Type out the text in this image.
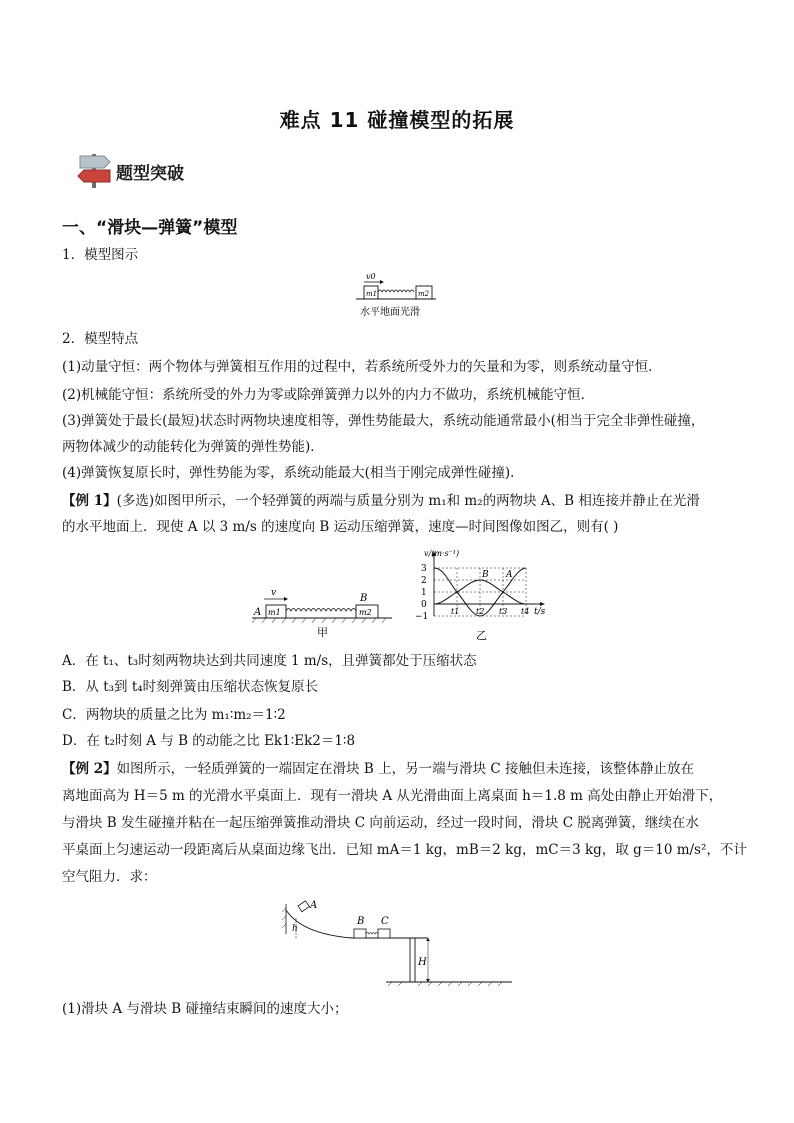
难点 11 碰撞模型的拓展
题型突破
一、“滑块—弹簧”模型
1．模型图示
v0
m1	m2
水平地面光滑
2．模型特点
(1)动量守恒：两个物体与弹簧相互作用的过程中，若系统所受外力的矢量和为零，则系统动量守恒．
(2)机械能守恒：系统所受的外力为零或除弹簧弹力以外的内力不做功，系统机械能守恒．
(3)弹簧处于最长(最短)状态时两物块速度相等，弹性势能最大，系统动能通常最小(相当于完全非弹性碰撞，
两物体减少的动能转化为弹簧的弹性势能)．
(4)弹簧恢复原长时，弹性势能为零，系统动能最大(相当于刚完成弹性碰撞)．
【例 1】(多选)如图甲所示，一个轻弹簧的两端与质量分别为 m₁和 m₂的两物块 A、B 相连接并静止在光滑
的水平地面上．现使 A 以 3 m/s 的速度向 B 运动压缩弹簧，速度—时间图像如图乙，则有( )
v
A m1
B
m2
甲
v/(m·s⁻¹)
3
2
1
0
−1
B A
t1 t2 t3 t4 t/s
乙
A．在 t₁、t₃时刻两物块达到共同速度 1 m/s，且弹簧都处于压缩状态
B．从 t₃到 t₄时刻弹簧由压缩状态恢复原长
C．两物块的质量之比为 m₁∶m₂＝1∶2
D．在 t₂时刻 A 与 B 的动能之比 Ek1∶Ek2＝1∶8
【例 2】如图所示，一轻质弹簧的一端固定在滑块 B 上，另一端与滑块 C 接触但未连接，该整体静止放在
离地面高为 H＝5 m 的光滑水平桌面上．现有一滑块 A 从光滑曲面上离桌面 h＝1.8 m 高处由静止开始滑下，
与滑块 B 发生碰撞并粘在一起压缩弹簧推动滑块 C 向前运动，经过一段时间，滑块 C 脱离弹簧，继续在水
平桌面上匀速运动一段距离后从桌面边缘飞出．已知 mA＝1 kg，mB＝2 kg，mC＝3 kg，取 g＝10 m/s²，不计
空气阻力．求：
A
h
B C
H
(1)滑块 A 与滑块 B 碰撞结束瞬间的速度大小；
